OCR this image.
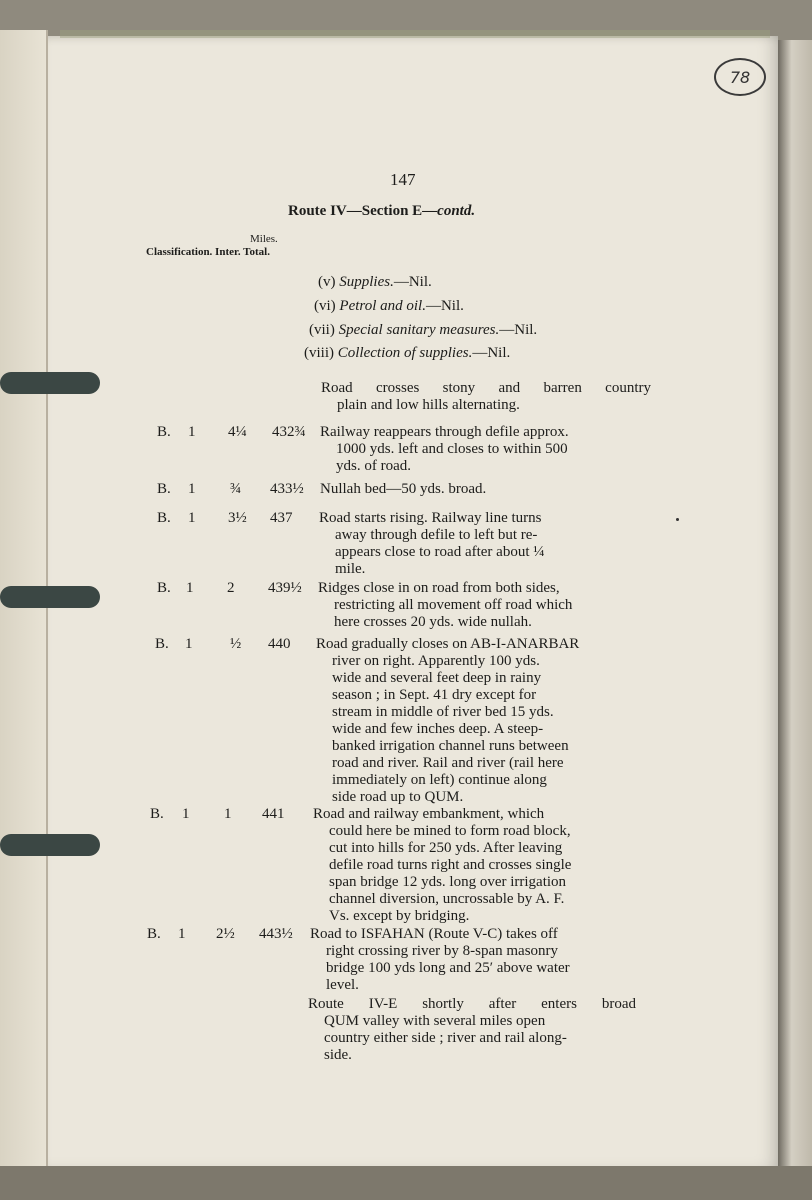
78
147
Route IV—Section E—contd.
Miles.
Classification. Inter. Total.
(v) Supplies.—Nil.
(vi) Petrol and oil.—Nil.
(vii) Special sanitary measures.—Nil.
(viii) Collection of supplies.—Nil.

Road crosses stony and barren country

plain and low hills alternating.

B. 1 4¼ 432¾ Railway reappears through defile approx.

1000 yds. left and closes to within 500

yds. of road.

B. 1 ¾ 433½ Nullah bed—50 yds. broad.

B. 1 3½ 437 Road starts rising. Railway line turns

away through defile to left but re-

appears close to road after about ¼

mile.

B. 1 2 439½ Ridges close in on road from both sides,

restricting all movement off road which

here crosses 20 yds. wide nullah.

B. 1	½ 440 Road gradually closes on AB-I-ANARBAR

river on right. Apparently 100 yds.

wide and several feet deep in rainy

season ; in Sept. 41 dry except for

stream in middle of river bed 15 yds.

wide and few inches deep. A steep-

banked irrigation channel runs between

road and river. Rail and river (rail here

immediately on left) continue along

side road up to QUM.

B. 1 1 441 Road and railway embankment, which

could here be mined to form road block,

cut into hills for 250 yds. After leaving

defile road turns right and crosses single

span bridge 12 yds. long over irrigation

channel diversion, uncrossable by A. F.

Vs. except by bridging.

B. 1 2½ 443½ Road to ISFAHAN (Route V-C) takes off

right crossing river by 8-span masonry

bridge 100 yds long and 25′ above water

level.

Route IV-E shortly after enters broad

QUM valley with several miles open

country either side ; river and rail along-

side.
